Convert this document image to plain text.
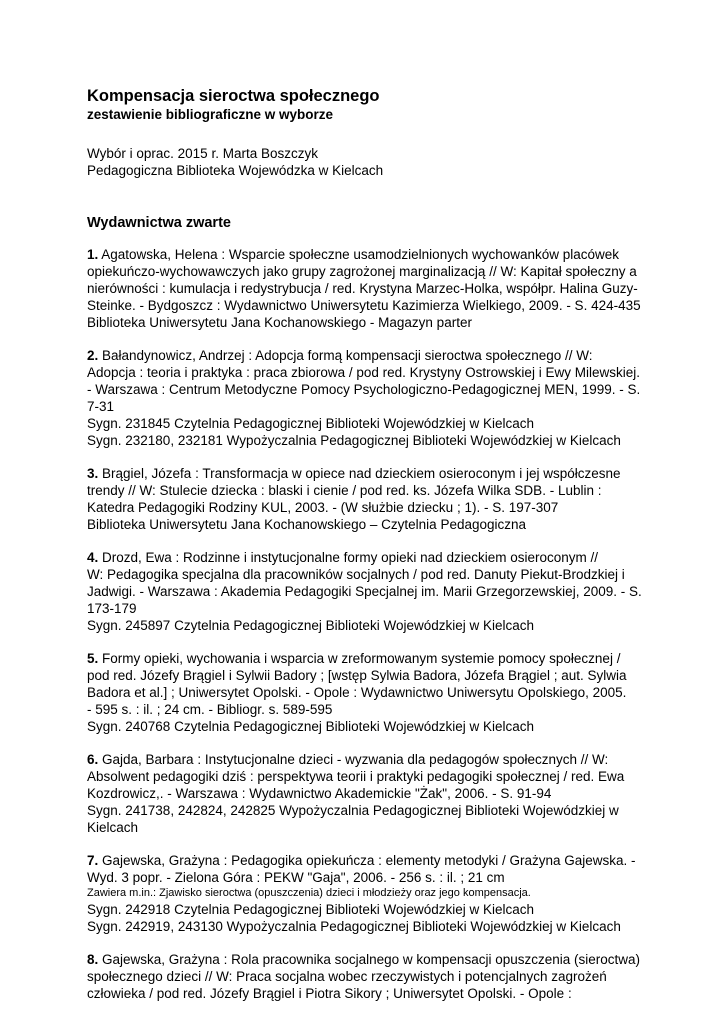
Kompensacja sieroctwa społecznego
zestawienie bibliograficzne w wyborze

Wybór i oprac. 2015 r. Marta Boszczyk

Pedagogiczna Biblioteka Wojewódzka w Kielcach

Wydawnictwa zwarte

1. Agatowska, Helena : Wsparcie społeczne usamodzielnionych wychowanków placówek

opiekuńczo-wychowawczych jako grupy zagrożonej marginalizacją // W: Kapitał społeczny a

nierówności : kumulacja i redystrybucja / red. Krystyna Marzec-Holka, współpr. Halina Guzy-

Steinke. - Bydgoszcz : Wydawnictwo Uniwersytetu Kazimierza Wielkiego, 2009. - S. 424-435

Biblioteka Uniwersytetu Jana Kochanowskiego - Magazyn parter

2. Bałandynowicz, Andrzej : Adopcja formą kompensacji sieroctwa społecznego // W:

Adopcja : teoria i praktyka : praca zbiorowa / pod red. Krystyny Ostrowskiej i Ewy Milewskiej.

- Warszawa : Centrum Metodyczne Pomocy Psychologiczno-Pedagogicznej MEN, 1999. - S.

7-31

Sygn. 231845 Czytelnia Pedagogicznej Biblioteki Wojewódzkiej w Kielcach

Sygn. 232180, 232181 Wypożyczalnia Pedagogicznej Biblioteki Wojewódzkiej w Kielcach

3. Brągiel, Józefa : Transformacja w opiece nad dzieckiem osieroconym i jej współczesne

trendy // W: Stulecie dziecka : blaski i cienie / pod red. ks. Józefa Wilka SDB. - Lublin :

Katedra Pedagogiki Rodziny KUL, 2003. - (W służbie dziecku ; 1). - S. 197-307

Biblioteka Uniwersytetu Jana Kochanowskiego – Czytelnia Pedagogiczna

4. Drozd, Ewa : Rodzinne i instytucjonalne formy opieki nad dzieckiem osieroconym //

W: Pedagogika specjalna dla pracowników socjalnych / pod red. Danuty Piekut-Brodzkiej i

Jadwigi. - Warszawa : Akademia Pedagogiki Specjalnej im. Marii Grzegorzewskiej, 2009. - S.

173-179

Sygn. 245897 Czytelnia Pedagogicznej Biblioteki Wojewódzkiej w Kielcach

5. Formy opieki, wychowania i wsparcia w zreformowanym systemie pomocy społecznej /

pod red. Józefy Brągiel i Sylwii Badory ; [wstęp Sylwia Badora, Józefa Brągiel ; aut. Sylwia

Badora et al.] ; Uniwersytet Opolski. - Opole : Wydawnictwo Uniwersytu Opolskiego, 2005.

- 595 s. : il. ; 24 cm. - Bibliogr. s. 589-595

Sygn. 240768 Czytelnia Pedagogicznej Biblioteki Wojewódzkiej w Kielcach

6. Gajda, Barbara : Instytucjonalne dzieci - wyzwania dla pedagogów społecznych // W:

Absolwent pedagogiki dziś : perspektywa teorii i praktyki pedagogiki społecznej / red. Ewa

Kozdrowicz,. - Warszawa : Wydawnictwo Akademickie "Żak", 2006. - S. 91-94

Sygn. 241738, 242824, 242825 Wypożyczalnia Pedagogicznej Biblioteki Wojewódzkiej w

Kielcach

7. Gajewska, Grażyna : Pedagogika opiekuńcza : elementy metodyki / Grażyna Gajewska. -

Wyd. 3 popr. - Zielona Góra : PEKW "Gaja", 2006. - 256 s. : il. ; 21 cm

Zawiera m.in.: Zjawisko sieroctwa (opuszczenia) dzieci i młodzieży oraz jego kompensacja.

Sygn. 242918 Czytelnia Pedagogicznej Biblioteki Wojewódzkiej w Kielcach

Sygn. 242919, 243130 Wypożyczalnia Pedagogicznej Biblioteki Wojewódzkiej w Kielcach

8. Gajewska, Grażyna : Rola pracownika socjalnego w kompensacji opuszczenia (sieroctwa)

społecznego dzieci // W: Praca socjalna wobec rzeczywistych i potencjalnych zagrożeń

człowieka / pod red. Józefy Brągiel i Piotra Sikory ; Uniwersytet Opolski. - Opole :
